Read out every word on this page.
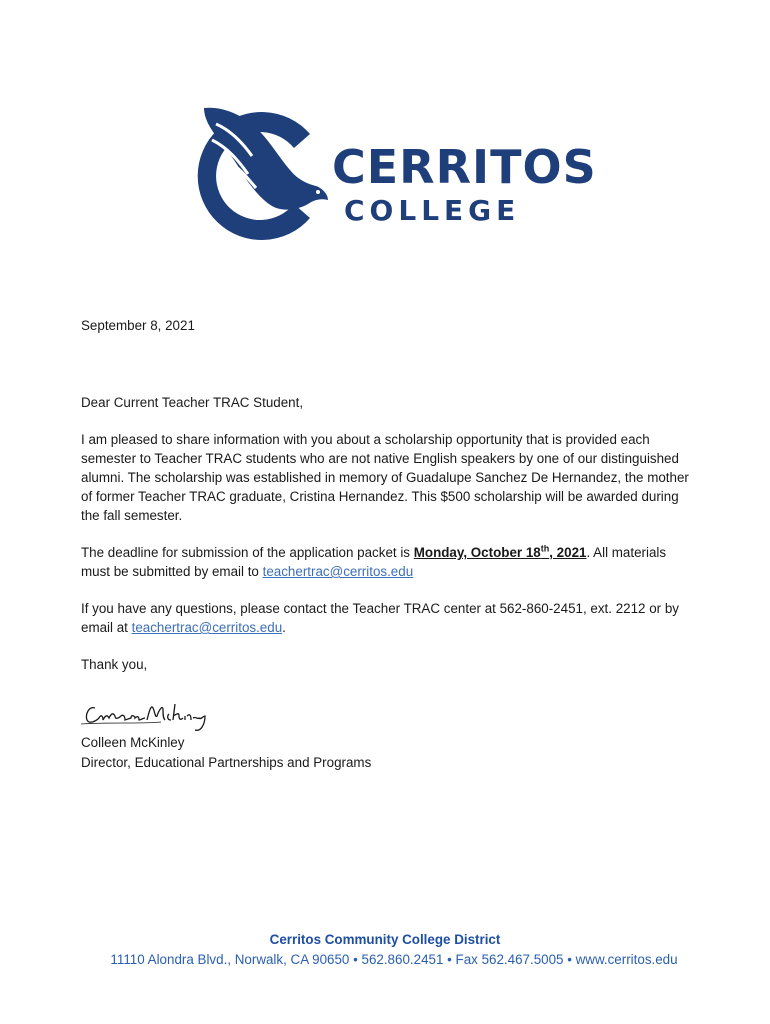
CERRITOS
COLLEGE

September 8, 2021

Dear Current Teacher TRAC Student,

I am pleased to share information with you about a scholarship opportunity that is provided each semester to Teacher TRAC students who are not native English speakers by one of our distinguished alumni. The scholarship was established in memory of Guadalupe Sanchez De Hernandez, the mother of former Teacher TRAC graduate, Cristina Hernandez. This $500 scholarship will be awarded during the fall semester.

The deadline for submission of the application packet is Monday, October 18th, 2021. All materials must be submitted by email to teachertrac@cerritos.edu

If you have any questions, please contact the Teacher TRAC center at 562-860-2451, ext. 2212 or by email at teachertrac@cerritos.edu.

Thank you,

Colleen McKinley
Director, Educational Partnerships and Programs
Cerritos Community College District
11110 Alondra Blvd., Norwalk, CA 90650 • 562.860.2451 • Fax 562.467.5005 • www.cerritos.edu
